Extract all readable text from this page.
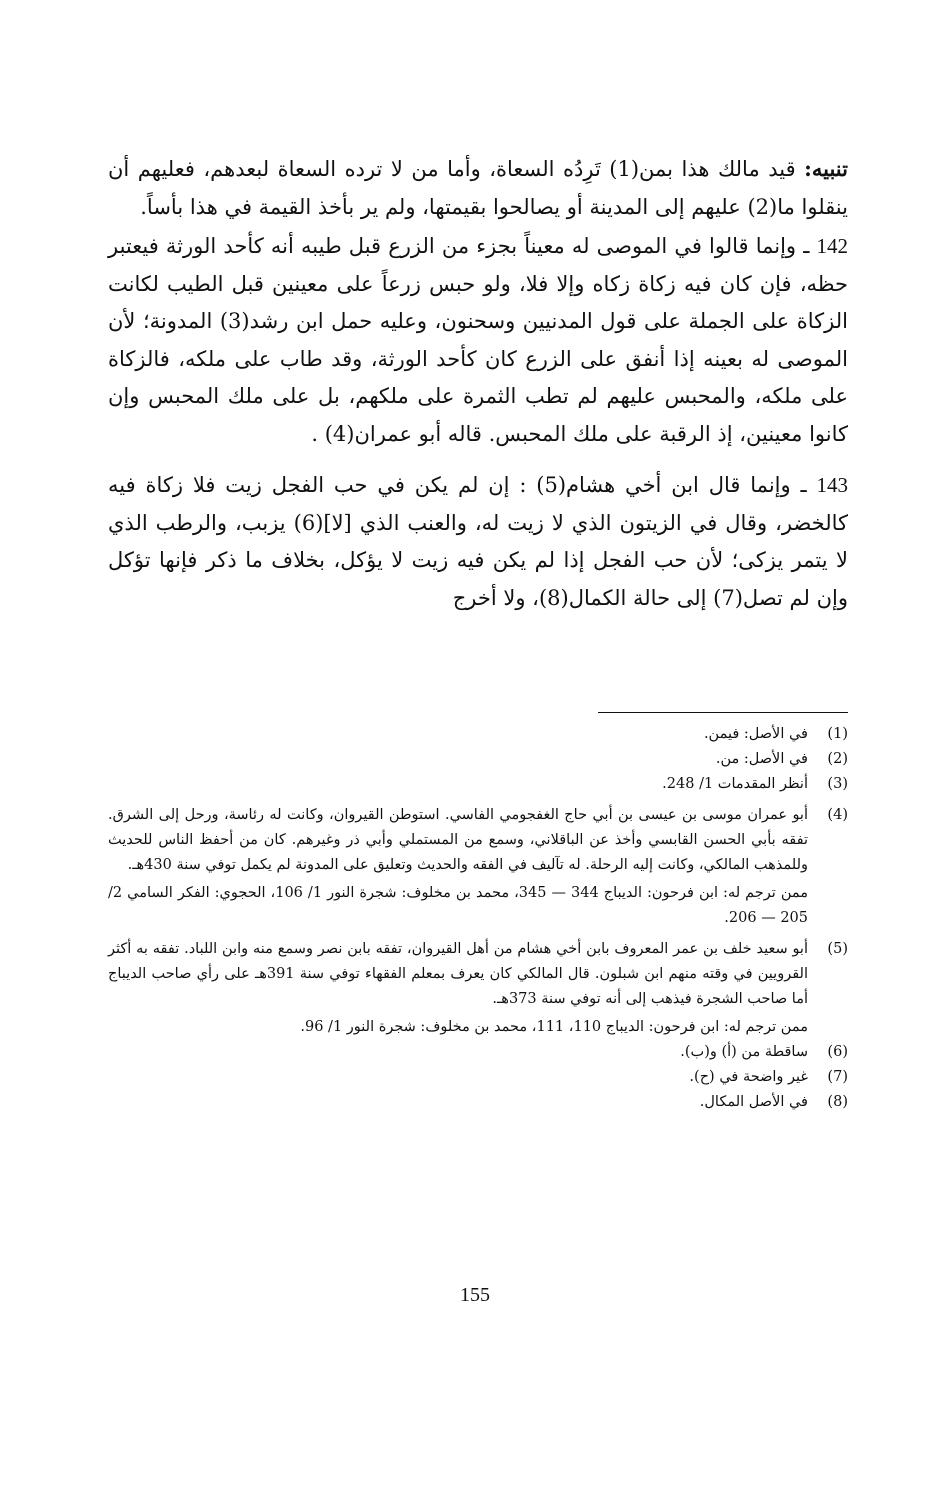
تنبيه: قيد مالك هذا بمن(1) تَرِدُه السعاة، وأما من لا ترده السعاة لبعدهم، فعليهم أن ينقلوا ما(2) عليهم إلى المدينة أو يصالحوا بقيمتها، ولم ير بأخذ القيمة في هذا بأساً.

142 ـ وإنما قالوا في الموصى له معيناً بجزء من الزرع قبل طيبه أنه كأحد الورثة فيعتبر حظه، فإن كان فيه زكاة زكاه وإلا فلا، ولو حبس زرعاً على معينين قبل الطيب لكانت الزكاة على الجملة على قول المدنيين وسحنون، وعليه حمل ابن رشد(3) المدونة؛ لأن الموصى له بعينه إذا أنفق على الزرع كان كأحد الورثة، وقد طاب على ملكه، فالزكاة على ملكه، والمحبس عليهم لم تطب الثمرة على ملكهم، بل على ملك المحبس وإن كانوا معينين، إذ الرقبة على ملك المحبس. قاله أبو عمران(4) .

143 ـ وإنما قال ابن أخي هشام(5) : إن لم يكن في حب الفجل زيت فلا زكاة فيه كالخضر، وقال في الزيتون الذي لا زيت له، والعنب الذي [لا](6) يزبب، والرطب الذي لا يتمر يزكى؛ لأن حب الفجل إذا لم يكن فيه زيت لا يؤكل، بخلاف ما ذكر فإنها تؤكل وإن لم تصل(7) إلى حالة الكمال(8)، ولا أخرج

(1)
في الأصل: فيمن.

(2)
في الأصل: من.

(3)
أنظر المقدمات 1/ 248.

(4)
أبو عمران موسى بن عيسى بن أبي حاج الغفجومي الفاسي. استوطن القيروان، وكانت له رئاسة، ورحل إلى الشرق. تفقه بأبي الحسن القابسي وأخذ عن الباقلاني، وسمع من المستملي وأبي ذر وغيرهم. كان من أحفظ الناس للحديث وللمذهب المالكي، وكانت إليه الرحلة. له تآليف في الفقه والحديث وتعليق على المدونة لم يكمل توفي سنة 430هـ.

ممن ترجم له: ابن فرحون: الديباج 344 — 345، محمد بن مخلوف: شجرة النور 1/ 106، الحجوي: الفكر السامي 2/ 205 — 206.

(5)
أبو سعيد خلف بن عمر المعروف بابن أخي هشام من أهل القيروان، تفقه بابن نصر وسمع منه وابن اللباد. تفقه به أكثر القرويين في وقته منهم ابن شبلون. قال المالكي كان يعرف بمعلم الفقهاء توفي سنة 391هـ على رأي صاحب الديباج أما صاحب الشجرة فيذهب إلى أنه توفي سنة 373هـ.

ممن ترجم له: ابن فرحون: الديباج 110، 111، محمد بن مخلوف: شجرة النور 1/ 96.

(6)
ساقطة من (أ) و(ب).

(7)
غير واضحة في (ح).

(8)
في الأصل المكال.

155
